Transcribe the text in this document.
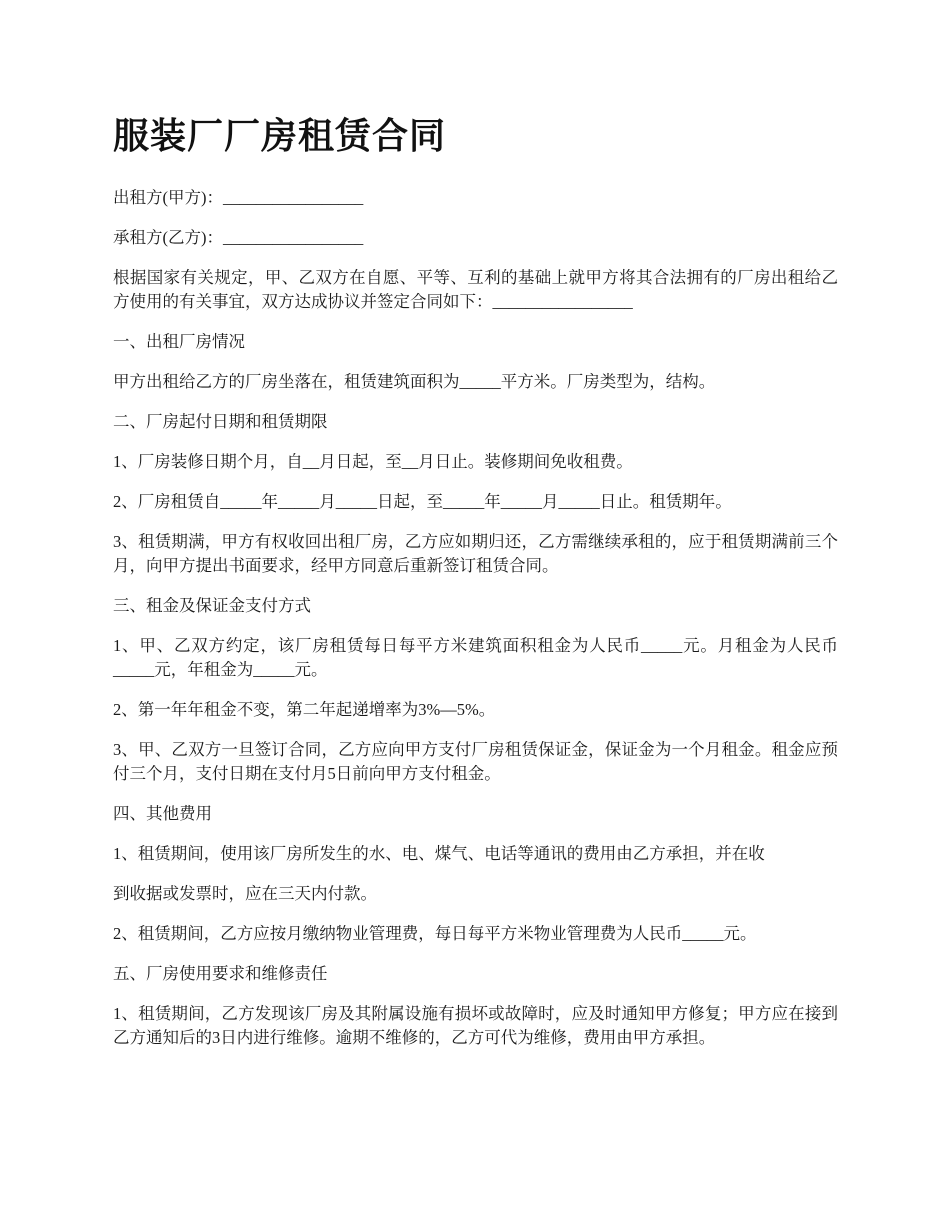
服装厂厂房租赁合同

出租方(甲方)：_________________

承租方(乙方)：_________________

根据国家有关规定，甲、乙双方在自愿、平等、互利的基础上就甲方将其合法拥有的厂房出租给乙方使用的有关事宜，双方达成协议并签定合同如下：_________________

一、出租厂房情况

甲方出租给乙方的厂房坐落在，租赁建筑面积为_____平方米。厂房类型为，结构。

二、厂房起付日期和租赁期限

1、厂房装修日期个月，自__月日起，至__月日止。装修期间免收租费。

2、厂房租赁自_____年_____月_____日起，至_____年_____月_____日止。租赁期年。

3、租赁期满，甲方有权收回出租厂房，乙方应如期归还，乙方需继续承租的，应于租赁期满前三个月，向甲方提出书面要求，经甲方同意后重新签订租赁合同。

三、租金及保证金支付方式

1、甲、乙双方约定，该厂房租赁每日每平方米建筑面积租金为人民币_____元。月租金为人民币_____元，年租金为_____元。

2、第一年年租金不变，第二年起递增率为3%—5%。

3、甲、乙双方一旦签订合同，乙方应向甲方支付厂房租赁保证金，保证金为一个月租金。租金应预付三个月，支付日期在支付月5日前向甲方支付租金。

四、其他费用

1、租赁期间，使用该厂房所发生的水、电、煤气、电话等通讯的费用由乙方承担，并在收

到收据或发票时，应在三天内付款。

2、租赁期间，乙方应按月缴纳物业管理费，每日每平方米物业管理费为人民币_____元。

五、厂房使用要求和维修责任

1、租赁期间，乙方发现该厂房及其附属设施有损坏或故障时，应及时通知甲方修复；甲方应在接到乙方通知后的3日内进行维修。逾期不维修的，乙方可代为维修，费用由甲方承担。
